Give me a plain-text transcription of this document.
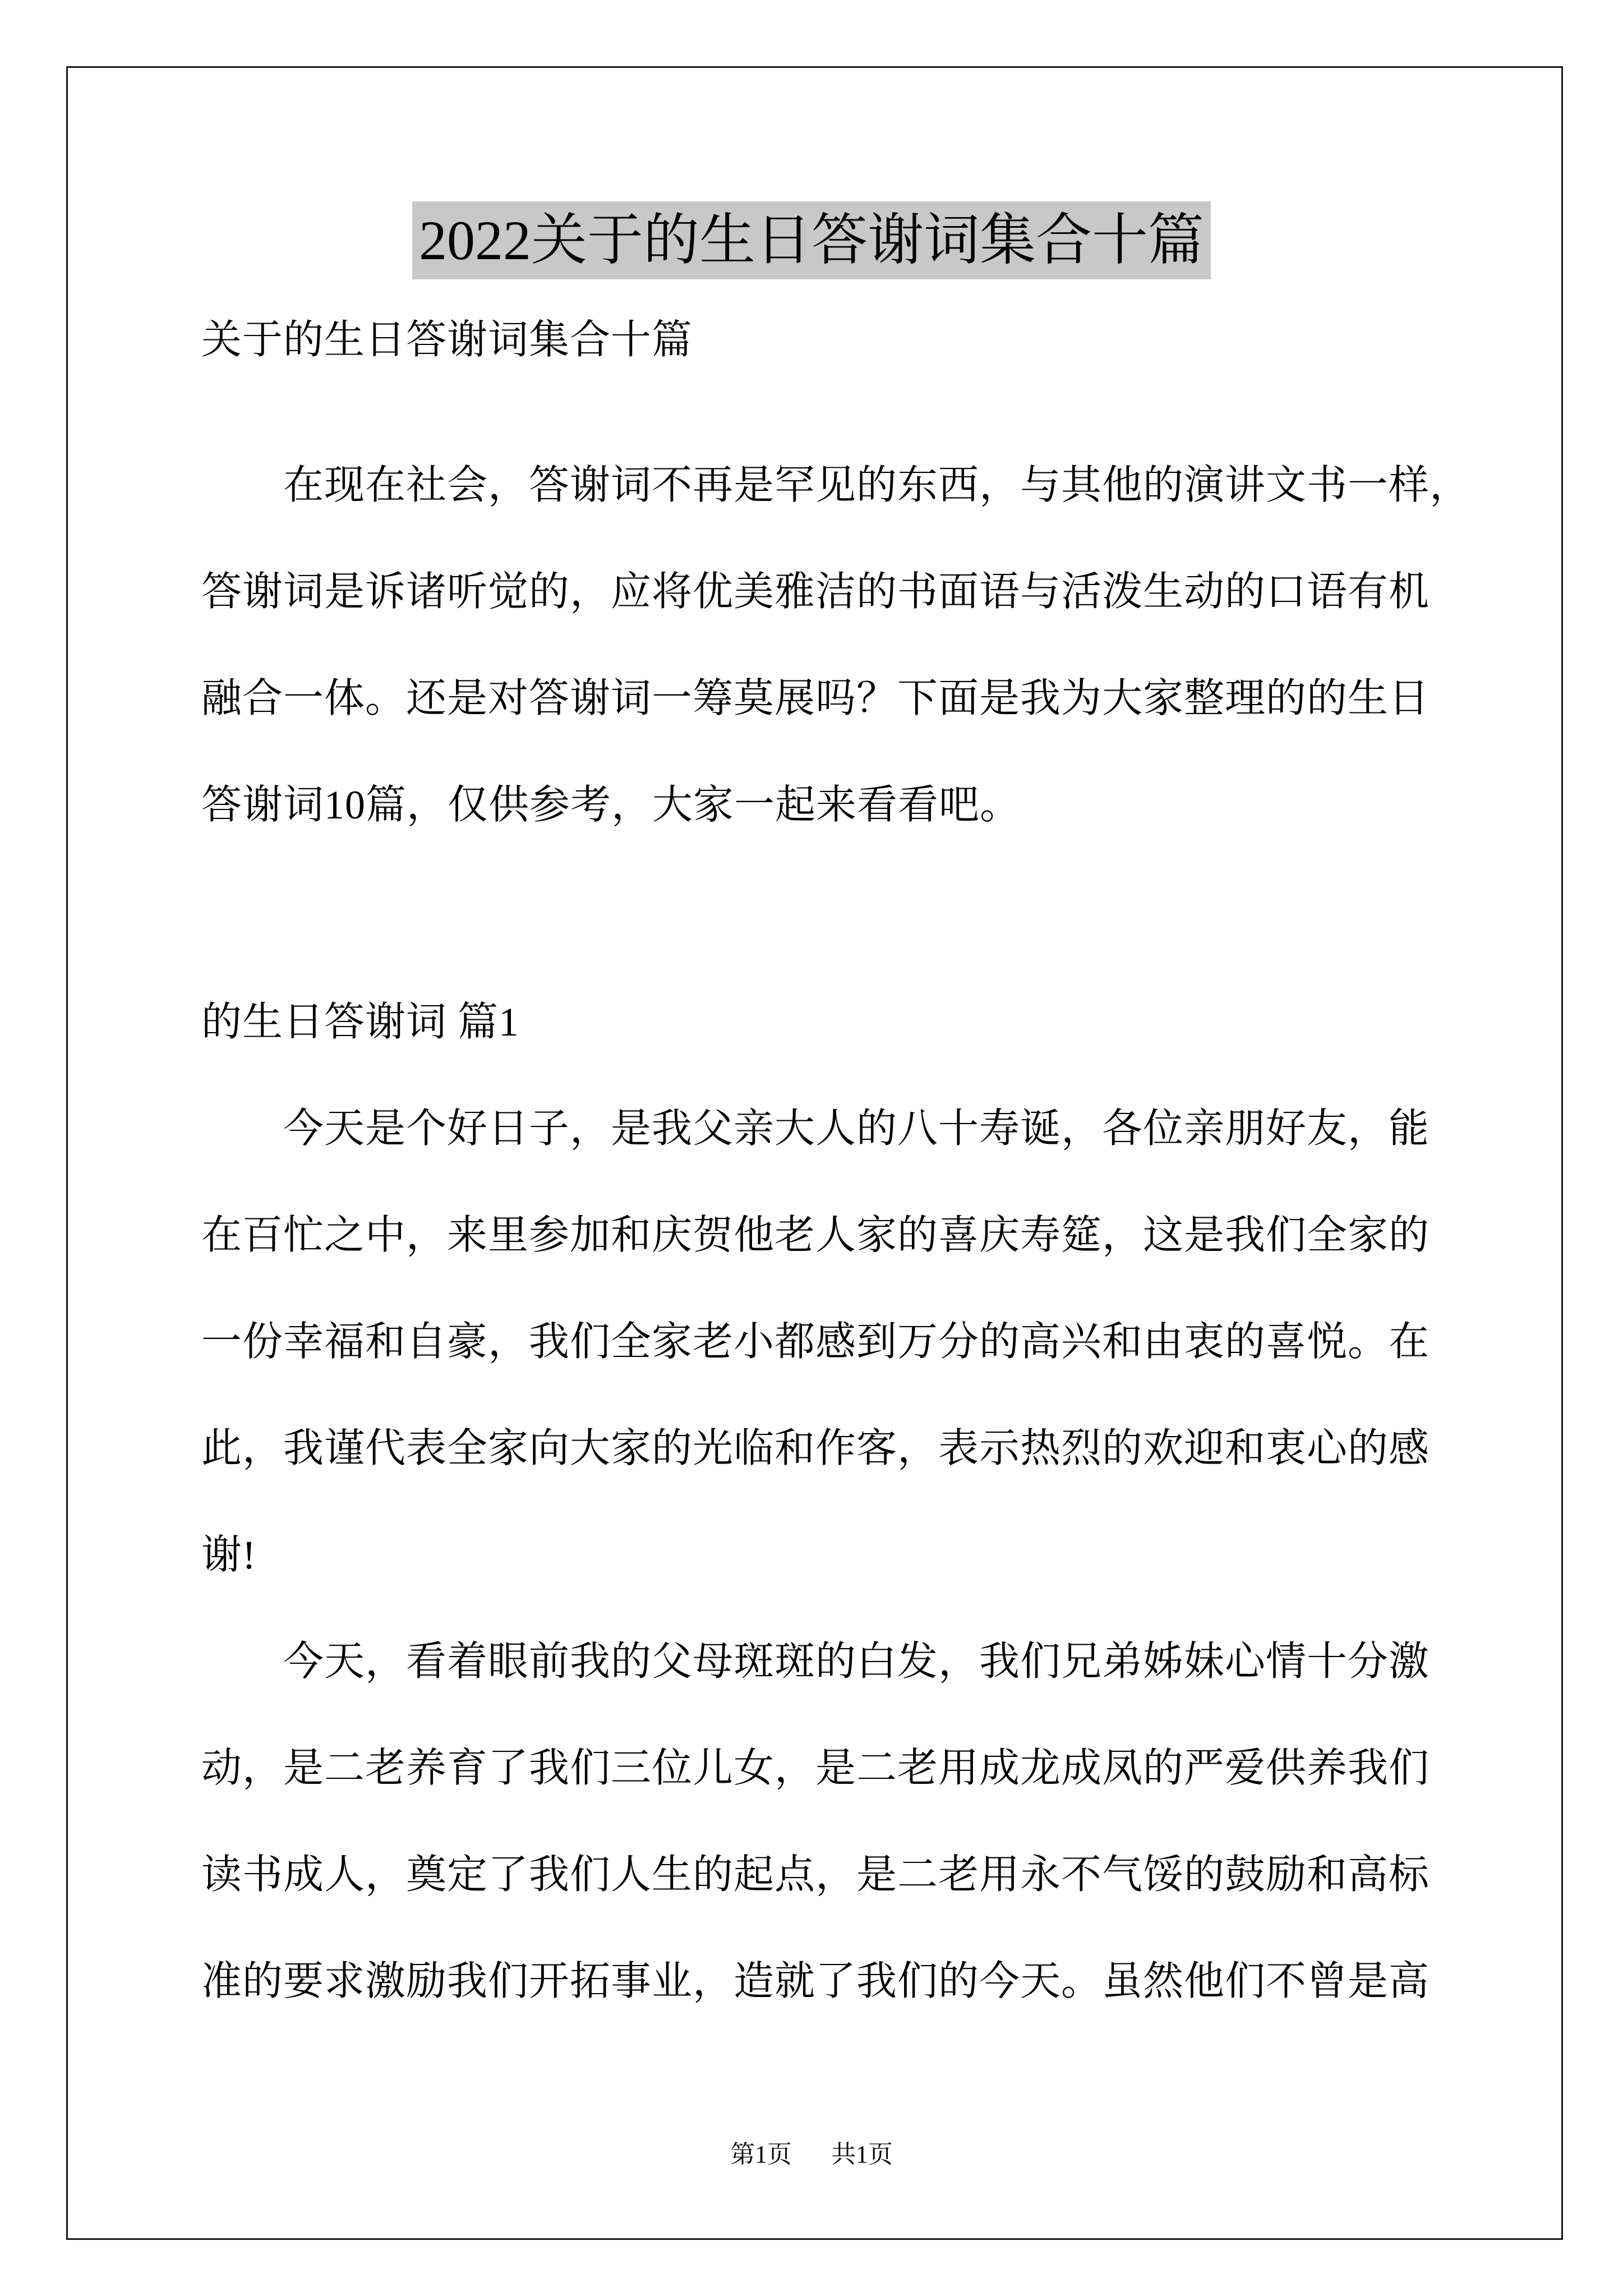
2022关于的生日答谢词集合十篇
关于的生日答谢词集合十篇
在现在社会，答谢词不再是罕见的东西，与其他的演讲文书一样，
答谢词是诉诸听觉的，应将优美雅洁的书面语与活泼生动的口语有机
融合一体。还是对答谢词一筹莫展吗？下面是我为大家整理的的生日
答谢词10篇，仅供参考，大家一起来看看吧。
的生日答谢词 篇1
今天是个好日子，是我父亲大人的八十寿诞，各位亲朋好友，能
在百忙之中，来里参加和庆贺他老人家的喜庆寿筵，这是我们全家的
一份幸福和自豪，我们全家老小都感到万分的高兴和由衷的喜悦。在
此，我谨代表全家向大家的光临和作客，表示热烈的欢迎和衷心的感
谢!
今天，看着眼前我的父母斑斑的白发，我们兄弟姊妹心情十分激
动，是二老养育了我们三位儿女，是二老用成龙成凤的严爱供养我们
读书成人，奠定了我们人生的起点，是二老用永不气馁的鼓励和高标
准的要求激励我们开拓事业，造就了我们的今天。虽然他们不曾是高
第1页 共1页
